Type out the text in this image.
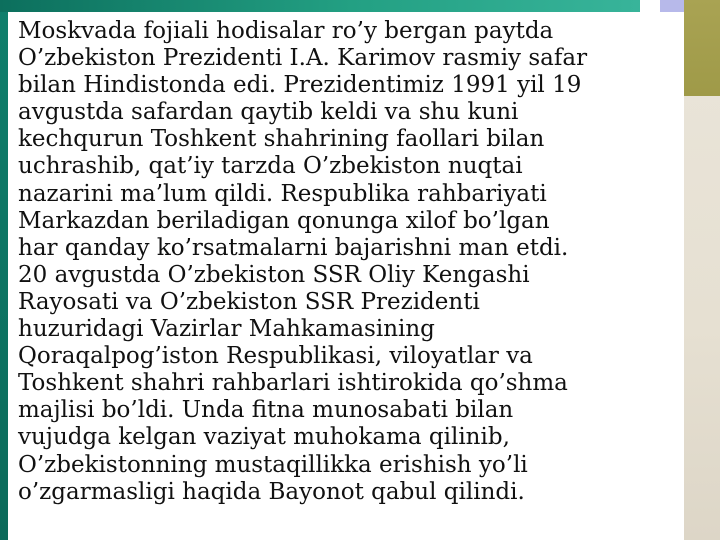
Moskvada fojiali hodisalar ro’y bergan paytda
O’zbekiston Prezidenti I.A. Karimov rasmiy safar
bilan Hindistonda edi. Prezidentimiz 1991 yil 19
avgustda safardan qaytib keldi va shu kuni
kechqurun Toshkent shahrining faollari bilan
uchrashib, qat’iy tarzda O’zbekiston nuqtai
nazarini ma’lum qildi. Respublika rahbariyati
Markazdan beriladigan qonunga xilof bo’lgan
har qanday ko’rsatmalarni bajarishni man etdi.
20 avgustda O’zbekiston SSR Oliy Kengashi
Rayosati va O’zbekiston SSR Prezidenti
huzuridagi Vazirlar Mahkamasining
Qoraqalpog’iston Respublikasi, viloyatlar va
Toshkent shahri rahbarlari ishtirokida qo’shma
majlisi bo’ldi. Unda fitna munosabati bilan
vujudga kelgan vaziyat muhokama qilinib,
O’zbekistonning mustaqillikka erishish yo’li
o’zgarmasligi haqida Bayonot qabul qilindi.
